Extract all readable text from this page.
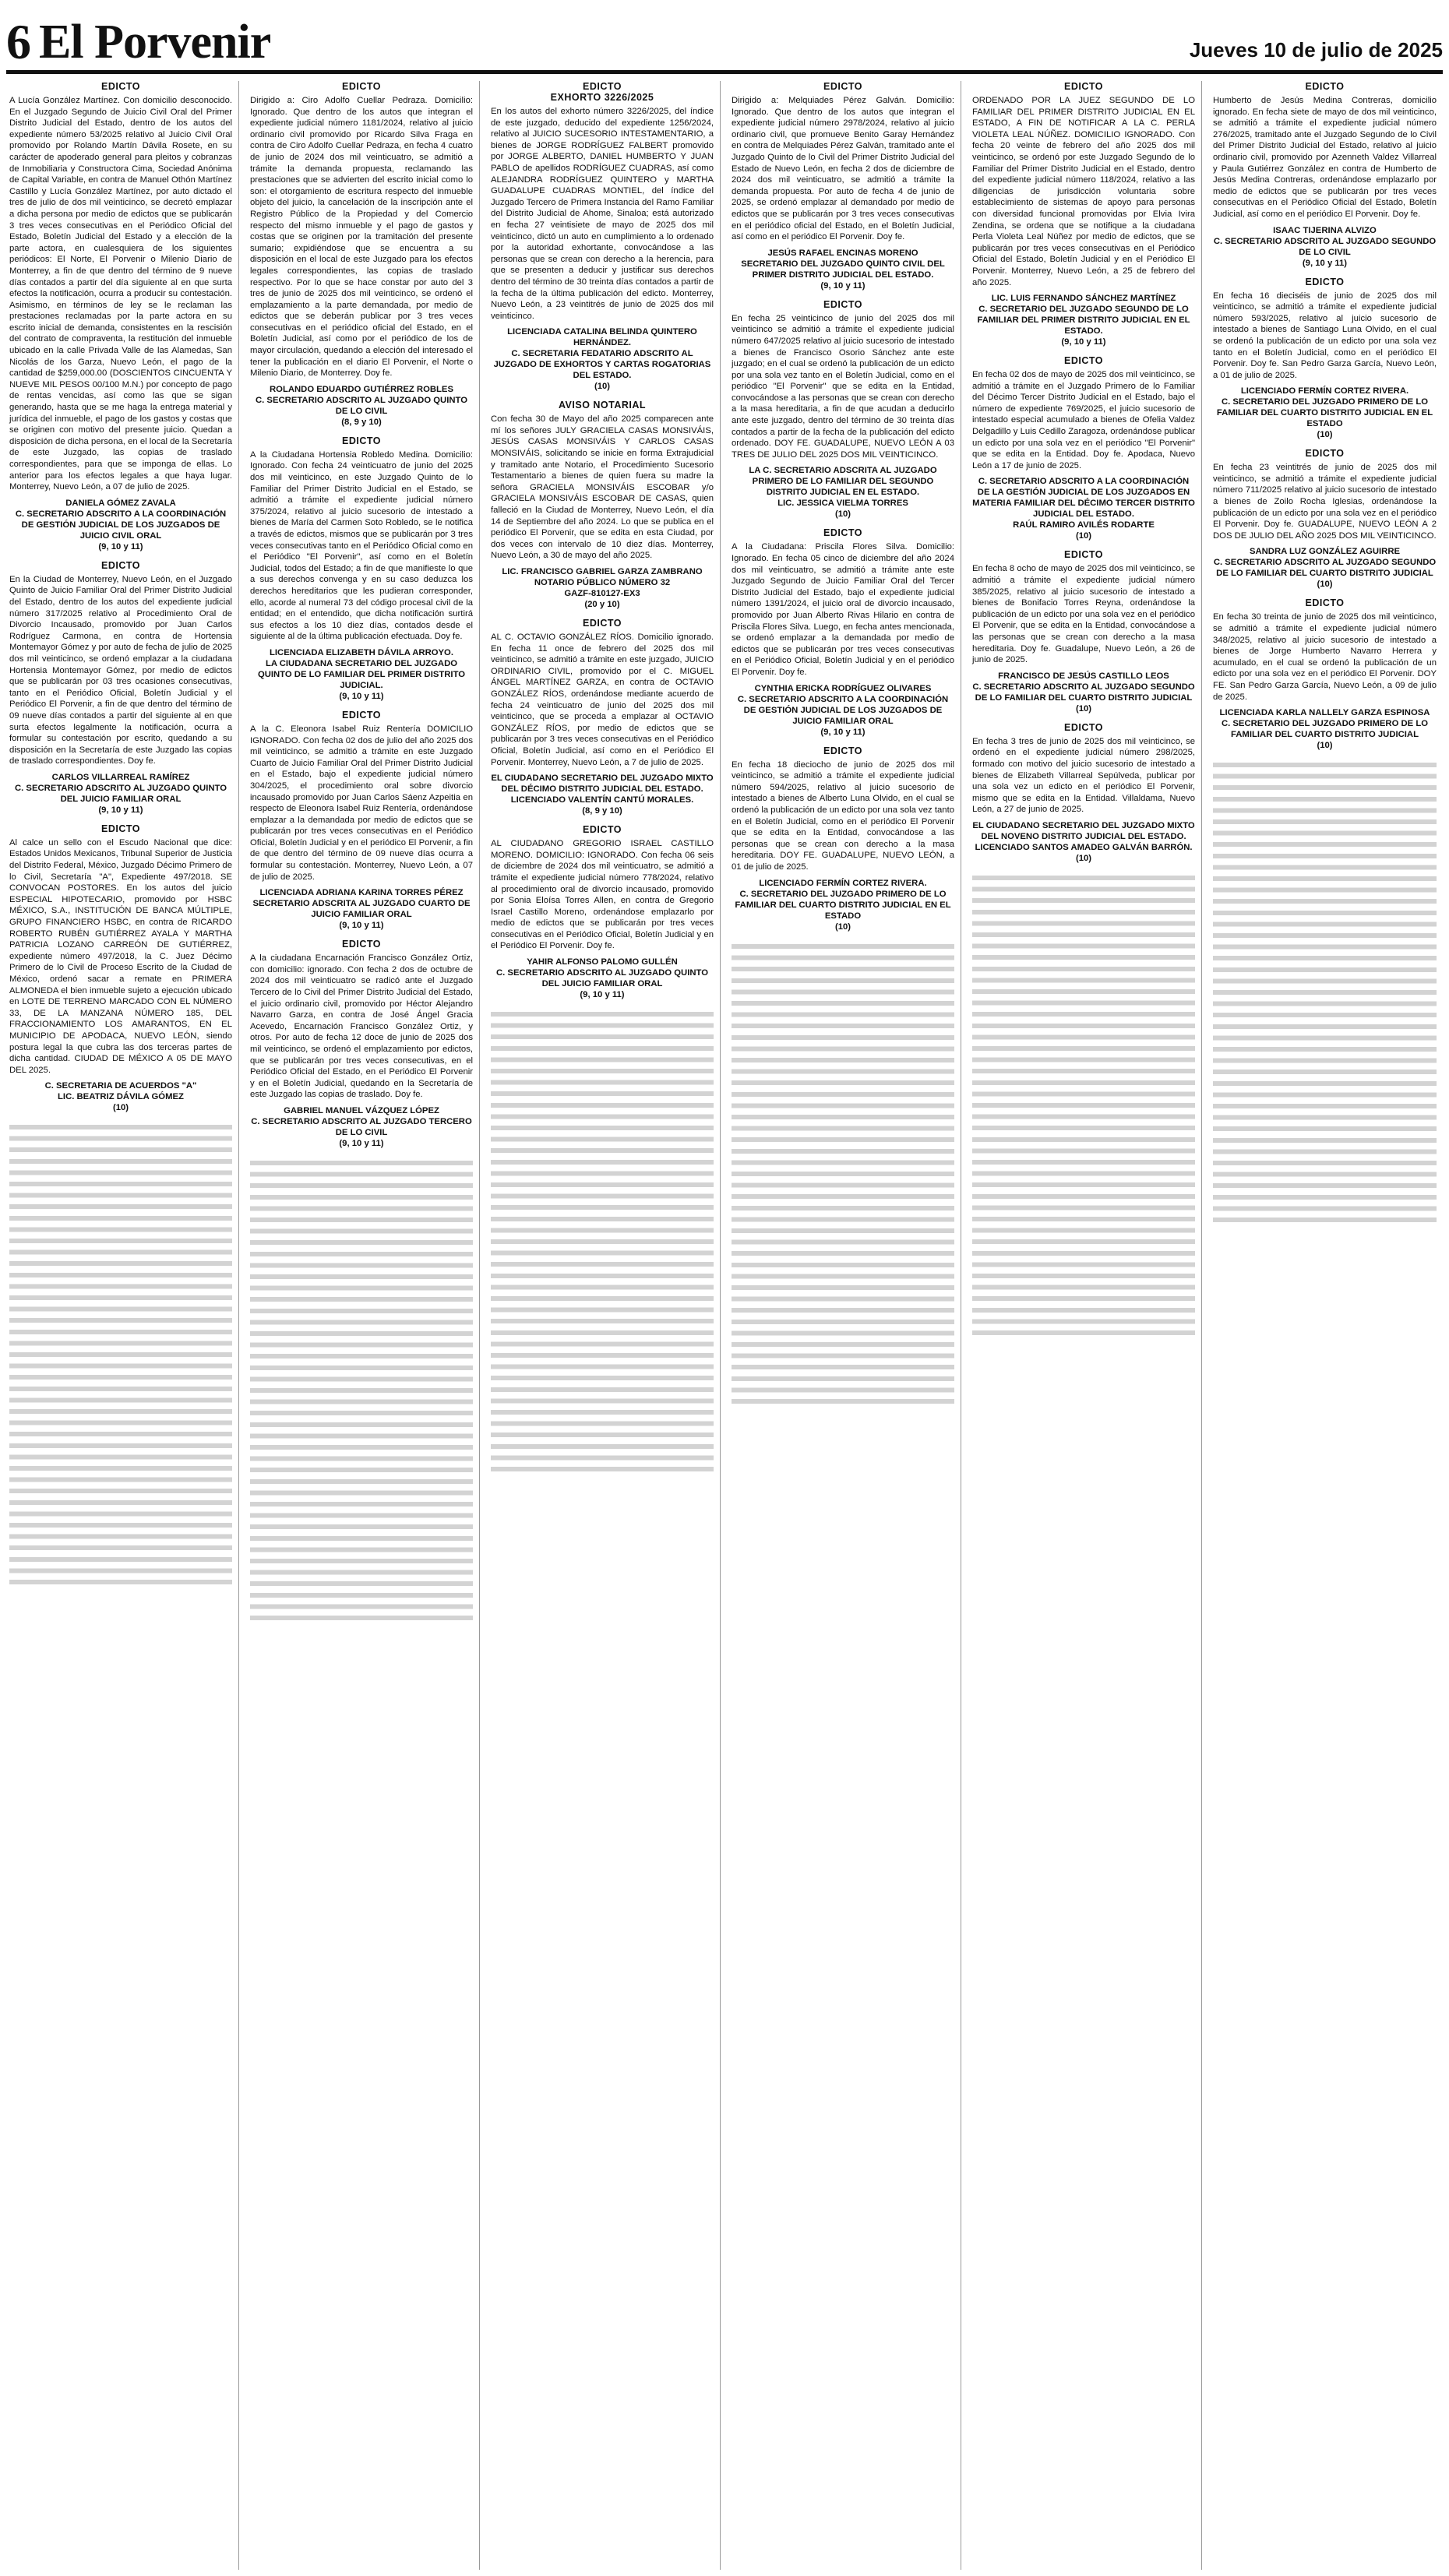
6 El Porvenir	Jueves 10 de julio de 2025

EDICTO

A Lucía González Martínez. Con domicilio desconocido. En el Juzgado Segundo de Juicio Civil Oral del Primer Distrito Judicial del Estado, dentro de los autos del expediente número 53/2025 relativo al Juicio Civil Oral promovido por Rolando Martín Dávila Rosete, en su carácter de apoderado general para pleitos y cobranzas de Inmobiliaria y Constructora Cima, Sociedad Anónima de Capital Variable, en contra de Manuel Othón Martínez Castillo y Lucía González Martínez, por auto dictado el tres de julio de dos mil veinticinco, se decretó emplazar a dicha persona por medio de edictos que se publicarán 3 tres veces consecutivas en el Periódico Oficial del Estado, Boletín Judicial del Estado y a elección de la parte actora, en cualesquiera de los siguientes periódicos: El Norte, El Porvenir o Milenio Diario de Monterrey, a fin de que dentro del término de 9 nueve días contados a partir del día siguiente al en que surta efectos la notificación, ocurra a producir su contestación. Asimismo, en términos de ley se le reclaman las prestaciones reclamadas por la parte actora en su escrito inicial de demanda, consistentes en la rescisión del contrato de compraventa, la restitución del inmueble ubicado en la calle Privada Valle de las Alamedas, San Nicolás de los Garza, Nuevo León, el pago de la cantidad de $259,000.00 (DOSCIENTOS CINCUENTA Y NUEVE MIL PESOS 00/100 M.N.) por concepto de pago de rentas vencidas, así como las que se sigan generando, hasta que se me haga la entrega material y jurídica del inmueble, el pago de los gastos y costas que se originen con motivo del presente juicio. Quedan a disposición de dicha persona, en el local de la Secretaría de este Juzgado, las copias de traslado correspondientes, para que se imponga de ellas. Lo anterior para los efectos legales a que haya lugar. Monterrey, Nuevo León, a 07 de julio de 2025.

DANIELA GÓMEZ ZAVALA
C. SECRETARIO ADSCRITO A LA COORDINACIÓN DE GESTIÓN JUDICIAL DE LOS JUZGADOS DE JUICIO CIVIL ORAL

(9, 10 y 11)

EDICTO

En la Ciudad de Monterrey, Nuevo León, en el Juzgado Quinto de Juicio Familiar Oral del Primer Distrito Judicial del Estado, dentro de los autos del expediente judicial número 317/2025 relativo al Procedimiento Oral de Divorcio Incausado, promovido por Juan Carlos Rodríguez Carmona, en contra de Hortensia Montemayor Gómez y por auto de fecha de julio de 2025 dos mil veinticinco, se ordenó emplazar a la ciudadana Hortensia Montemayor Gómez, por medio de edictos que se publicarán por 03 tres ocasiones consecutivas, tanto en el Periódico Oficial, Boletín Judicial y el Periódico El Porvenir, a fin de que dentro del término de 09 nueve días contados a partir del siguiente al en que surta efectos legalmente la notificación, ocurra a formular su contestación por escrito, quedando a su disposición en la Secretaría de este Juzgado las copias de traslado correspondientes. Doy fe.

CARLOS VILLARREAL RAMÍREZ
C. SECRETARIO ADSCRITO AL JUZGADO QUINTO DEL JUICIO FAMILIAR ORAL

(9, 10 y 11)

EDICTO

Al calce un sello con el Escudo Nacional que dice: Estados Unidos Mexicanos, Tribunal Superior de Justicia del Distrito Federal, México, Juzgado Décimo Primero de lo Civil, Secretaría "A", Expediente 497/2018. SE CONVOCAN POSTORES. En los autos del juicio ESPECIAL HIPOTECARIO, promovido por HSBC MÉXICO, S.A., INSTITUCIÓN DE BANCA MÚLTIPLE, GRUPO FINANCIERO HSBC, en contra de RICARDO ROBERTO RUBÉN GUTIÉRREZ AYALA Y MARTHA PATRICIA LOZANO CARREÓN DE GUTIÉRREZ, expediente número 497/2018, la C. Juez Décimo Primero de lo Civil de Proceso Escrito de la Ciudad de México, ordenó sacar a remate en PRIMERA ALMONEDA el bien inmueble sujeto a ejecución ubicado en LOTE DE TERRENO MARCADO CON EL NÚMERO 33, DE LA MANZANA NÚMERO 185, DEL FRACCIONAMIENTO LOS AMARANTOS, EN EL MUNICIPIO DE APODACA, NUEVO LEÓN, siendo postura legal la que cubra las dos terceras partes de dicha cantidad. CIUDAD DE MÉXICO A 05 DE MAYO DEL 2025.

C. SECRETARIA DE ACUERDOS "A"
LIC. BEATRIZ DÁVILA GÓMEZ

(10)

EDICTO

Dirigido a: Ciro Adolfo Cuellar Pedraza. Domicilio: Ignorado. Que dentro de los autos que integran el expediente judicial número 1181/2024, relativo al juicio ordinario civil promovido por Ricardo Silva Fraga en contra de Ciro Adolfo Cuellar Pedraza, en fecha 4 cuatro de junio de 2024 dos mil veinticuatro, se admitió a trámite la demanda propuesta, reclamando las prestaciones que se advierten del escrito inicial como lo son: el otorgamiento de escritura respecto del inmueble objeto del juicio, la cancelación de la inscripción ante el Registro Público de la Propiedad y del Comercio respecto del mismo inmueble y el pago de gastos y costas que se originen por la tramitación del presente sumario; expidiéndose que se encuentra a su disposición en el local de este Juzgado para los efectos legales correspondientes, las copias de traslado respectivo. Por lo que se hace constar por auto del 3 tres de junio de 2025 dos mil veinticinco, se ordenó el emplazamiento a la parte demandada, por medio de edictos que se deberán publicar por 3 tres veces consecutivas en el periódico oficial del Estado, en el Boletín Judicial, así como por el periódico de los de mayor circulación, quedando a elección del interesado el tener la publicación en el diario El Porvenir, el Norte o Milenio Diario, de Monterrey. Doy fe.

ROLANDO EDUARDO GUTIÉRREZ ROBLES
C. SECRETARIO ADSCRITO AL JUZGADO QUINTO DE LO CIVIL

(8, 9 y 10)

EDICTO

A la Ciudadana Hortensia Robledo Medina. Domicilio: Ignorado. Con fecha 24 veinticuatro de junio del 2025 dos mil veinticinco, en este Juzgado Quinto de lo Familiar del Primer Distrito Judicial en el Estado, se admitió a trámite el expediente judicial número 375/2024, relativo al juicio sucesorio de intestado a bienes de María del Carmen Soto Robledo, se le notifica a través de edictos, mismos que se publicarán por 3 tres veces consecutivas tanto en el Periódico Oficial como en el Periódico "El Porvenir", así como en el Boletín Judicial, todos del Estado; a fin de que manifieste lo que a sus derechos convenga y en su caso deduzca los derechos hereditarios que les pudieran corresponder, ello, acorde al numeral 73 del código procesal civil de la entidad; en el entendido, que dicha notificación surtirá sus efectos a los 10 diez días, contados desde el siguiente al de la última publicación efectuada. Doy fe.

LICENCIADA ELIZABETH DÁVILA ARROYO.
LA CIUDADANA SECRETARIO DEL JUZGADO QUINTO DE LO FAMILIAR DEL PRIMER DISTRITO JUDICIAL.

(9, 10 y 11)

EDICTO

A la C. Eleonora Isabel Ruiz Rentería DOMICILIO IGNORADO. Con fecha 02 dos de julio del año 2025 dos mil veinticinco, se admitió a trámite en este Juzgado Cuarto de Juicio Familiar Oral del Primer Distrito Judicial en el Estado, bajo el expediente judicial número 304/2025, el procedimiento oral sobre divorcio incausado promovido por Juan Carlos Sáenz Azpeitia en respecto de Eleonora Isabel Ruiz Rentería, ordenándose emplazar a la demandada por medio de edictos que se publicarán por tres veces consecutivas en el Periódico Oficial, Boletín Judicial y en el periódico El Porvenir, a fin de que dentro del término de 09 nueve días ocurra a formular su contestación. Monterrey, Nuevo León, a 07 de julio de 2025.

LICENCIADA ADRIANA KARINA TORRES PÉREZ
SECRETARIO ADSCRITA AL JUZGADO CUARTO DE JUICIO FAMILIAR ORAL

(9, 10 y 11)

EDICTO

A la ciudadana Encarnación Francisco González Ortiz, con domicilio: ignorado. Con fecha 2 dos de octubre de 2024 dos mil veinticuatro se radicó ante el Juzgado Tercero de lo Civil del Primer Distrito Judicial del Estado, el juicio ordinario civil, promovido por Héctor Alejandro Navarro Garza, en contra de José Ángel Gracia Acevedo, Encarnación Francisco González Ortiz, y otros. Por auto de fecha 12 doce de junio de 2025 dos mil veinticinco, se ordenó el emplazamiento por edictos, que se publicarán por tres veces consecutivas, en el Periódico Oficial del Estado, en el Periódico El Porvenir y en el Boletín Judicial, quedando en la Secretaría de este Juzgado las copias de traslado. Doy fe.

GABRIEL MANUEL VÁZQUEZ LÓPEZ
C. SECRETARIO ADSCRITO AL JUZGADO TERCERO DE LO CIVIL

(9, 10 y 11)

EDICTO
EXHORTO 3226/2025

En los autos del exhorto número 3226/2025, del índice de este juzgado, deducido del expediente 1256/2024, relativo al JUICIO SUCESORIO INTESTAMENTARIO, a bienes de JORGE RODRÍGUEZ FALBERT promovido por JORGE ALBERTO, DANIEL HUMBERTO Y JUAN PABLO de apellidos RODRÍGUEZ CUADRAS, así como ALEJANDRA RODRÍGUEZ QUINTERO y MARTHA GUADALUPE CUADRAS MONTIEL, del índice del Juzgado Tercero de Primera Instancia del Ramo Familiar del Distrito Judicial de Ahome, Sinaloa; está autorizado en fecha 27 veintisiete de mayo de 2025 dos mil veinticinco, dictó un auto en cumplimiento a lo ordenado por la autoridad exhortante, convocándose a las personas que se crean con derecho a la herencia, para que se presenten a deducir y justificar sus derechos dentro del término de 30 treinta días contados a partir de la fecha de la última publicación del edicto. Monterrey, Nuevo León, a 23 veintitrés de junio de 2025 dos mil veinticinco.

LICENCIADA CATALINA BELINDA QUINTERO HERNÁNDEZ.
C. SECRETARIA FEDATARIO ADSCRITO AL JUZGADO DE EXHORTOS Y CARTAS ROGATORIAS DEL ESTADO.

(10)

AVISO NOTARIAL

Con fecha 30 de Mayo del año 2025 comparecen ante mí los señores JULY GRACIELA CASAS MONSIVÁIS, JESÚS CASAS MONSIVÁIS Y CARLOS CASAS MONSIVÁIS, solicitando se inicie en forma Extrajudicial y tramitado ante Notario, el Procedimiento Sucesorio Testamentario a bienes de quien fuera su madre la señora GRACIELA MONSIVÁIS ESCOBAR y/o GRACIELA MONSIVÁIS ESCOBAR DE CASAS, quien falleció en la Ciudad de Monterrey, Nuevo León, el día 14 de Septiembre del año 2024. Lo que se publica en el periódico El Porvenir, que se edita en esta Ciudad, por dos veces con intervalo de 10 diez días. Monterrey, Nuevo León, a 30 de mayo del año 2025.

LIC. FRANCISCO GABRIEL GARZA ZAMBRANO
NOTARIO PÚBLICO NÚMERO 32
GAZF-810127-EX3

(20 y 10)

EDICTO

AL C. OCTAVIO GONZÁLEZ RÍOS. Domicilio ignorado. En fecha 11 once de febrero del 2025 dos mil veinticinco, se admitió a trámite en este juzgado, JUICIO ORDINARIO CIVIL, promovido por el C. MIGUEL ÁNGEL MARTÍNEZ GARZA, en contra de OCTAVIO GONZÁLEZ RÍOS, ordenándose mediante acuerdo de fecha 24 veinticuatro de junio del 2025 dos mil veinticinco, que se proceda a emplazar al OCTAVIO GONZÁLEZ RÍOS, por medio de edictos que se publicarán por 3 tres veces consecutivas en el Periódico Oficial, Boletín Judicial, así como en el Periódico El Porvenir. Monterrey, Nuevo León, a 7 de julio de 2025.

EL CIUDADANO SECRETARIO DEL JUZGADO MIXTO DEL DÉCIMO DISTRITO JUDICIAL DEL ESTADO.
LICENCIADO VALENTÍN CANTÚ MORALES.

(8, 9 y 10)

EDICTO

AL CIUDADANO GREGORIO ISRAEL CASTILLO MORENO. DOMICILIO: IGNORADO. Con fecha 06 seis de diciembre de 2024 dos mil veinticuatro, se admitió a trámite el expediente judicial número 778/2024, relativo al procedimiento oral de divorcio incausado, promovido por Sonia Eloísa Torres Allen, en contra de Gregorio Israel Castillo Moreno, ordenándose emplazarlo por medio de edictos que se publicarán por tres veces consecutivas en el Periódico Oficial, Boletín Judicial y en el Periódico El Porvenir. Doy fe.

YAHIR ALFONSO PALOMO GULLÉN
C. SECRETARIO ADSCRITO AL JUZGADO QUINTO DEL JUICIO FAMILIAR ORAL

(9, 10 y 11)

EDICTO

Dirigido a: Melquiades Pérez Galván. Domicilio: Ignorado. Que dentro de los autos que integran el expediente judicial número 2978/2024, relativo al juicio ordinario civil, que promueve Benito Garay Hernández en contra de Melquiades Pérez Galván, tramitado ante el Juzgado Quinto de lo Civil del Primer Distrito Judicial del Estado de Nuevo León, en fecha 2 dos de diciembre de 2024 dos mil veinticuatro, se admitió a trámite la demanda propuesta. Por auto de fecha 4 de junio de 2025, se ordenó emplazar al demandado por medio de edictos que se publicarán por 3 tres veces consecutivas en el periódico oficial del Estado, en el Boletín Judicial, así como en el periódico El Porvenir. Doy fe.

JESÚS RAFAEL ENCINAS MORENO
SECRETARIO DEL JUZGADO QUINTO CIVIL DEL PRIMER DISTRITO JUDICIAL DEL ESTADO.

(9, 10 y 11)

EDICTO

En fecha 25 veinticinco de junio del 2025 dos mil veinticinco se admitió a trámite el expediente judicial número 647/2025 relativo al juicio sucesorio de intestado a bienes de Francisco Osorio Sánchez ante este juzgado; en el cual se ordenó la publicación de un edicto por una sola vez tanto en el Boletín Judicial, como en el periódico "El Porvenir" que se edita en la Entidad, convocándose a las personas que se crean con derecho a la masa hereditaria, a fin de que acudan a deducirlo ante este juzgado, dentro del término de 30 treinta días contados a partir de la fecha de la publicación del edicto ordenado. DOY FE. GUADALUPE, NUEVO LEÓN A 03 TRES DE JULIO DEL 2025 DOS MIL VEINTICINCO.

LA C. SECRETARIO ADSCRITA AL JUZGADO PRIMERO DE LO FAMILIAR DEL SEGUNDO DISTRITO JUDICIAL EN EL ESTADO.
LIC. JESSICA VIELMA TORRES

(10)

EDICTO

A la Ciudadana: Priscila Flores Silva. Domicilio: Ignorado. En fecha 05 cinco de diciembre del año 2024 dos mil veinticuatro, se admitió a trámite ante este Juzgado Segundo de Juicio Familiar Oral del Tercer Distrito Judicial del Estado, bajo el expediente judicial número 1391/2024, el juicio oral de divorcio incausado, promovido por Juan Alberto Rivas Hilario en contra de Priscila Flores Silva. Luego, en fecha antes mencionada, se ordenó emplazar a la demandada por medio de edictos que se publicarán por tres veces consecutivas en el Periódico Oficial, Boletín Judicial y en el periódico El Porvenir. Doy fe.

CYNTHIA ERICKA RODRÍGUEZ OLIVARES
C. SECRETARIO ADSCRITO A LA COORDINACIÓN DE GESTIÓN JUDICIAL DE LOS JUZGADOS DE JUICIO FAMILIAR ORAL

(9, 10 y 11)

EDICTO

En fecha 18 dieciocho de junio de 2025 dos mil veinticinco, se admitió a trámite el expediente judicial número 594/2025, relativo al juicio sucesorio de intestado a bienes de Alberto Luna Olvido, en el cual se ordenó la publicación de un edicto por una sola vez tanto en el Boletín Judicial, como en el periódico El Porvenir que se edita en la Entidad, convocándose a las personas que se crean con derecho a la masa hereditaria. DOY FE. GUADALUPE, NUEVO LEÓN, a 01 de julio de 2025.

LICENCIADO FERMÍN CORTEZ RIVERA.
C. SECRETARIO DEL JUZGADO PRIMERO DE LO FAMILIAR DEL CUARTO DISTRITO JUDICIAL EN EL ESTADO

(10)

EDICTO

ORDENADO POR LA JUEZ SEGUNDO DE LO FAMILIAR DEL PRIMER DISTRITO JUDICIAL EN EL ESTADO, A FIN DE NOTIFICAR A LA C. PERLA VIOLETA LEAL NÚÑEZ. DOMICILIO IGNORADO. Con fecha 20 veinte de febrero del año 2025 dos mil veinticinco, se ordenó por este Juzgado Segundo de lo Familiar del Primer Distrito Judicial en el Estado, dentro del expediente judicial número 118/2024, relativo a las diligencias de jurisdicción voluntaria sobre establecimiento de sistemas de apoyo para personas con diversidad funcional promovidas por Elvia Ivira Zendina, se ordena que se notifique a la ciudadana Perla Violeta Leal Núñez por medio de edictos, que se publicarán por tres veces consecutivas en el Periódico Oficial del Estado, Boletín Judicial y en el Periódico El Porvenir. Monterrey, Nuevo León, a 25 de febrero del año 2025.

LIC. LUIS FERNANDO SÁNCHEZ MARTÍNEZ
C. SECRETARIO DEL JUZGADO SEGUNDO DE LO FAMILIAR DEL PRIMER DISTRITO JUDICIAL EN EL ESTADO.

(9, 10 y 11)

EDICTO

En fecha 02 dos de mayo de 2025 dos mil veinticinco, se admitió a trámite en el Juzgado Primero de lo Familiar del Décimo Tercer Distrito Judicial en el Estado, bajo el número de expediente 769/2025, el juicio sucesorio de intestado especial acumulado a bienes de Ofelia Valdez Delgadillo y Luis Cedillo Zaragoza, ordenándose publicar un edicto por una sola vez en el periódico "El Porvenir" que se edita en la Entidad. Doy fe. Apodaca, Nuevo León a 17 de junio de 2025.

C. SECRETARIO ADSCRITO A LA COORDINACIÓN DE LA GESTIÓN JUDICIAL DE LOS JUZGADOS EN MATERIA FAMILIAR DEL DÉCIMO TERCER DISTRITO JUDICIAL DEL ESTADO.
RAÚL RAMIRO AVILÉS RODARTE

(10)

EDICTO

En fecha 8 ocho de mayo de 2025 dos mil veinticinco, se admitió a trámite el expediente judicial número 385/2025, relativo al juicio sucesorio de intestado a bienes de Bonifacio Torres Reyna, ordenándose la publicación de un edicto por una sola vez en el periódico El Porvenir, que se edita en la Entidad, convocándose a las personas que se crean con derecho a la masa hereditaria. Doy fe. Guadalupe, Nuevo León, a 26 de junio de 2025.

FRANCISCO DE JESÚS CASTILLO LEOS
C. SECRETARIO ADSCRITO AL JUZGADO SEGUNDO DE LO FAMILIAR DEL CUARTO DISTRITO JUDICIAL

(10)

EDICTO

En fecha 3 tres de junio de 2025 dos mil veinticinco, se ordenó en el expediente judicial número 298/2025, formado con motivo del juicio sucesorio de intestado a bienes de Elizabeth Villarreal Sepúlveda, publicar por una sola vez un edicto en el periódico El Porvenir, mismo que se edita en la Entidad. Villaldama, Nuevo León, a 27 de junio de 2025.

EL CIUDADANO SECRETARIO DEL JUZGADO MIXTO DEL NOVENO DISTRITO JUDICIAL DEL ESTADO.
LICENCIADO SANTOS AMADEO GALVÁN BARRÓN.

(10)

EDICTO

Humberto de Jesús Medina Contreras, domicilio ignorado. En fecha siete de mayo de dos mil veinticinco, se admitió a trámite el expediente judicial número 276/2025, tramitado ante el Juzgado Segundo de lo Civil del Primer Distrito Judicial del Estado, relativo al juicio ordinario civil, promovido por Azenneth Valdez Villarreal y Paula Gutiérrez González en contra de Humberto de Jesús Medina Contreras, ordenándose emplazarlo por medio de edictos que se publicarán por tres veces consecutivas en el Periódico Oficial del Estado, Boletín Judicial, así como en el periódico El Porvenir. Doy fe.

ISAAC TIJERINA ALVIZO
C. SECRETARIO ADSCRITO AL JUZGADO SEGUNDO DE LO CIVIL

(9, 10 y 11)

EDICTO

En fecha 16 dieciséis de junio de 2025 dos mil veinticinco, se admitió a trámite el expediente judicial número 593/2025, relativo al juicio sucesorio de intestado a bienes de Santiago Luna Olvido, en el cual se ordenó la publicación de un edicto por una sola vez tanto en el Boletín Judicial, como en el periódico El Porvenir. Doy fe. San Pedro Garza García, Nuevo León, a 01 de julio de 2025.

LICENCIADO FERMÍN CORTEZ RIVERA.
C. SECRETARIO DEL JUZGADO PRIMERO DE LO FAMILIAR DEL CUARTO DISTRITO JUDICIAL EN EL ESTADO

(10)

EDICTO

En fecha 23 veintitrés de junio de 2025 dos mil veinticinco, se admitió a trámite el expediente judicial número 711/2025 relativo al juicio sucesorio de intestado a bienes de Zoilo Rocha Iglesias, ordenándose la publicación de un edicto por una sola vez en el periódico El Porvenir. Doy fe. GUADALUPE, NUEVO LEÓN A 2 DOS DE JULIO DEL AÑO 2025 DOS MIL VEINTICINCO.

SANDRA LUZ GONZÁLEZ AGUIRRE
C. SECRETARIO ADSCRITO AL JUZGADO SEGUNDO DE LO FAMILIAR DEL CUARTO DISTRITO JUDICIAL

(10)

EDICTO

En fecha 30 treinta de junio de 2025 dos mil veinticinco, se admitió a trámite el expediente judicial número 348/2025, relativo al juicio sucesorio de intestado a bienes de Jorge Humberto Navarro Herrera y acumulado, en el cual se ordenó la publicación de un edicto por una sola vez en el periódico El Porvenir. DOY FE. San Pedro Garza García, Nuevo León, a 09 de julio de 2025.

LICENCIADA KARLA NALLELY GARZA ESPINOSA
C. SECRETARIO DEL JUZGADO PRIMERO DE LO FAMILIAR DEL CUARTO DISTRITO JUDICIAL

(10)
